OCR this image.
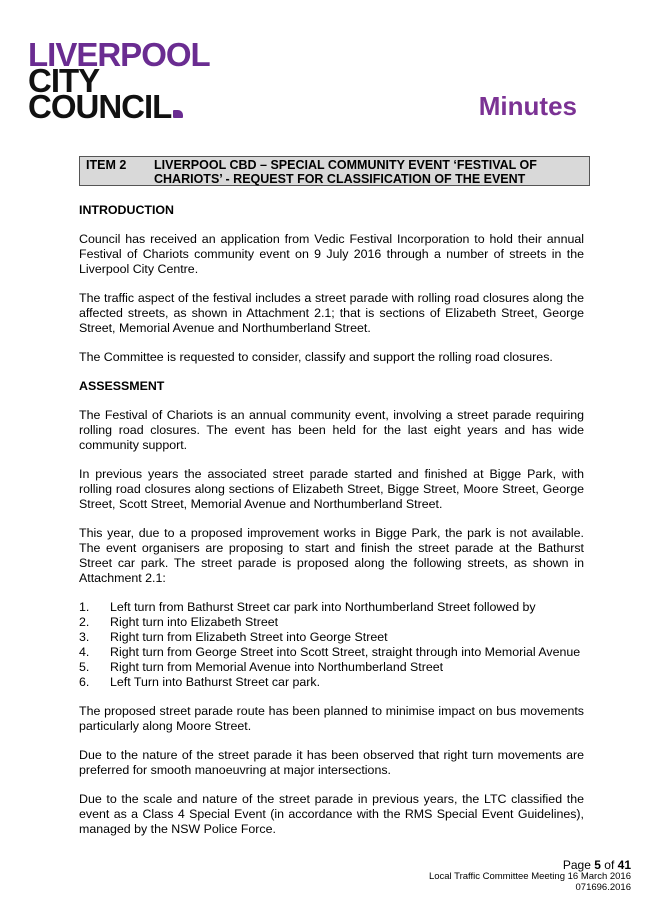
LIVERPOOL
CITY
COUNCIL	Minutes
ITEM 2 LIVERPOOL CBD – SPECIAL COMMUNITY EVENT ‘FESTIVAL OF CHARIOTS’ - REQUEST FOR CLASSIFICATION OF THE EVENT
INTRODUCTION

Council has received an application from Vedic Festival Incorporation to hold their annual Festival of Chariots community event on 9 July 2016 through a number of streets in the Liverpool City Centre.

The traffic aspect of the festival includes a street parade with rolling road closures along the affected streets, as shown in Attachment 2.1; that is sections of Elizabeth Street, George Street, Memorial Avenue and Northumberland Street.

The Committee is requested to consider, classify and support the rolling road closures.

ASSESSMENT

The Festival of Chariots is an annual community event, involving a street parade requiring rolling road closures. The event has been held for the last eight years and has wide community support.

In previous years the associated street parade started and finished at Bigge Park, with rolling road closures along sections of Elizabeth Street, Bigge Street, Moore Street, George Street, Scott Street, Memorial Avenue and Northumberland Street.

This year, due to a proposed improvement works in Bigge Park, the park is not available. The event organisers are proposing to start and finish the street parade at the Bathurst Street car park. The street parade is proposed along the following streets, as shown in Attachment 2.1:

1.	Left turn from Bathurst Street car park into Northumberland Street followed by
2.	Right turn into Elizabeth Street
3.	Right turn from Elizabeth Street into George Street
4.	Right turn from George Street into Scott Street, straight through into Memorial Avenue
5.	Right turn from Memorial Avenue into Northumberland Street
6.	Left Turn into Bathurst Street car park.

The proposed street parade route has been planned to minimise impact on bus movements particularly along Moore Street.

Due to the nature of the street parade it has been observed that right turn movements are preferred for smooth manoeuvring at major intersections.

Due to the scale and nature of the street parade in previous years, the LTC classified the event as a Class 4 Special Event (in accordance with the RMS Special Event Guidelines), managed by the NSW Police Force.

Page 5 of 41
Local Traffic Committee Meeting 16 March 2016
071696.2016
